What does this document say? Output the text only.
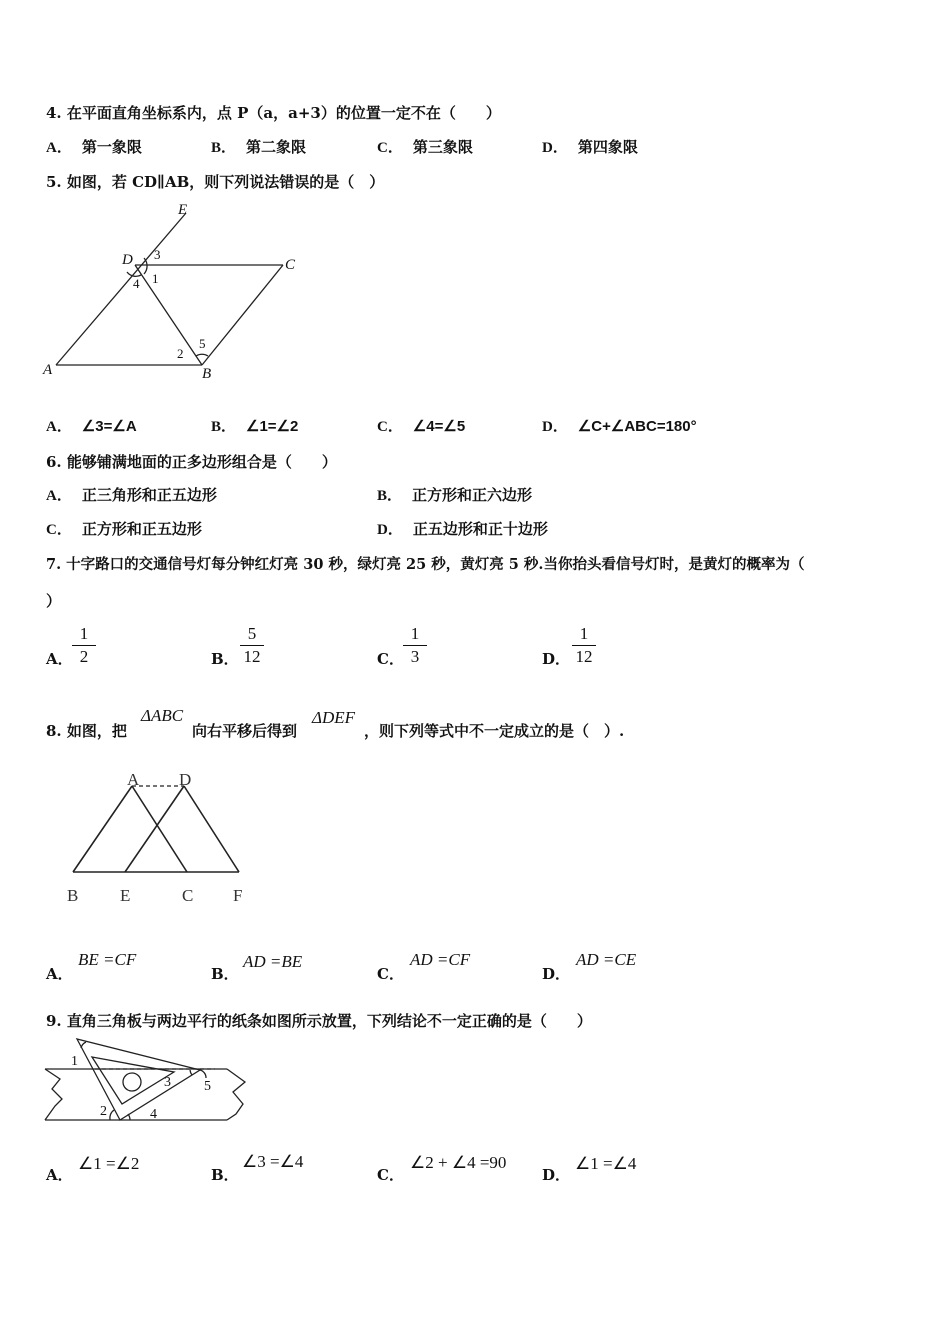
4. 在平面直角坐标系内，点 P（a，a+3）的位置一定不在（　　）
A． 第一象限	B． 第二象限	C． 第三象限	D． 第四象限
5. 如图，若 CD∥AB，则下列说法错误的是（　）
E
D	C
A	B
3
4 1
2
5
A． ∠3=∠A	B． ∠1=∠2	C． ∠4=∠5	D． ∠C+∠ABC=180°
6. 能够铺满地面的正多边形组合是（　　）
A． 正三角形和正五边形	B． 正方形和正六边形
C． 正方形和正五边形	D． 正五边形和正十边形
7. 十字路口的交通信号灯每分钟红灯亮 30 秒，绿灯亮 25 秒，黄灯亮 5 秒.当你抬头看信号灯时，是黄灯的概率为（
）
A．
1
2	B．
5
12	C．
1
3	D．
1
12
8. 如图，把
ΔABC
向右平移后得到
ΔDEF
，则下列等式中不一定成立的是（　）.
A D
B E	C F
A．
BE =CF
B．
AD =BE
C．
AD =CF
D．
AD =CE
9. 直角三角板与两边平行的纸条如图所示放置，下列结论不一定正确的是（　　）
1
2
3
4
5
A．
∠1 =∠2
B．
∠3 =∠4
C．
∠2 + ∠4 =90
D．
∠1 =∠4
